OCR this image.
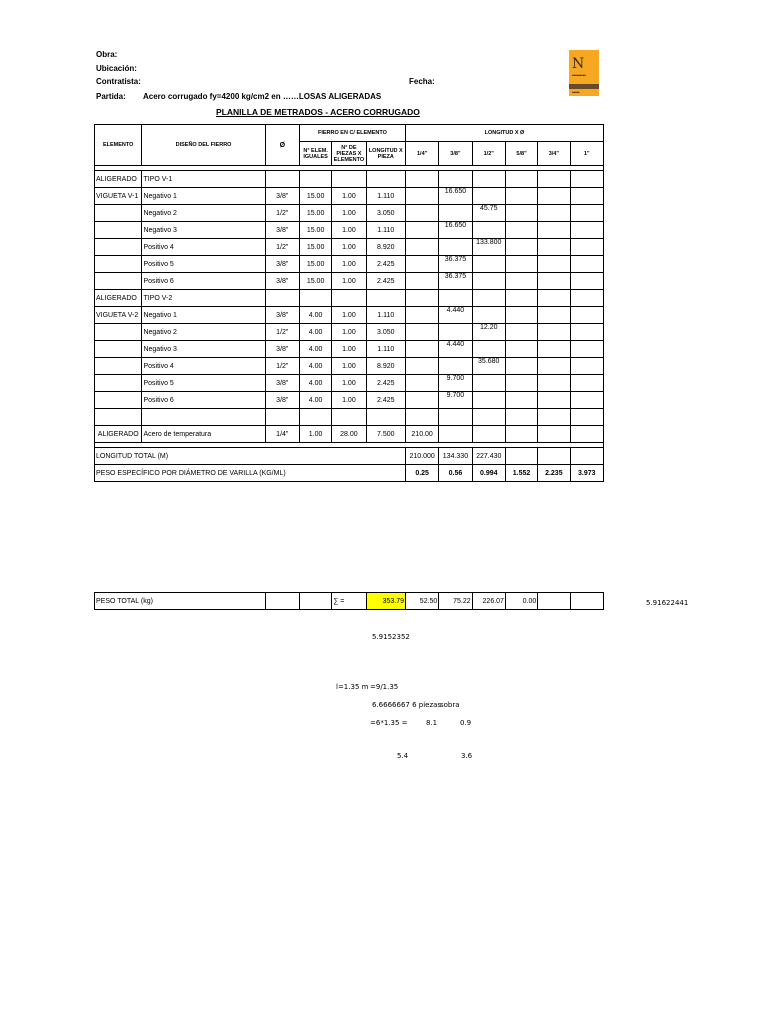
Obra:
Ubicación:
Contratista:	Fecha:
Partida: Acero corrugado fy=4200 kg/cm2 en ……LOSAS ALIGERADAS
PLANILLA DE METRADOS - ACERO CORRUGADO
N
■■■■■■■■■
■■■■■
ELEMENTO	DISEÑO DEL FIERRO	Ø	FIERRO EN C/ ELEMENTO			LONGITUD X Ø					
			N° ELEM. IGUALES	N° DE PIEZAS X ELEMENTO	LONGITUD X PIEZA	1/4"	3/8"	1/2"	5/8"	3/4"	1"

ALIGERADO	TIPO V-1										
VIGUETA V-1	Negativo 1	3/8"	15.00	1.00	1.110		16.650				
	Negativo 2	1/2"	15.00	1.00	3.050			45.75			
	Negativo 3	3/8"	15.00	1.00	1.110		16.650				
	Positivo 4	1/2"	15.00	1.00	8.920			133.800			
	Positivo 5	3/8"	15.00	1.00	2.425		36.375				
	Positivo 6	3/8"	15.00	1.00	2.425		36.375				
ALIGERADO	TIPO V-2										
VIGUETA V-2	Negativo 1	3/8"	4.00	1.00	1.110		4.440				
	Negativo 2	1/2"	4.00	1.00	3.050			12.20			
	Negativo 3	3/8"	4.00	1.00	1.110		4.440				
	Positivo 4	1/2"	4.00	1.00	8.920			35.680			
	Positivo 5	3/8"	4.00	1.00	2.425		9.700				
	Positivo 6	3/8"	4.00	1.00	2.425		9.700				

ALIGERADO	Acero de temperatura	1/4"	1.00	28.00	7.500	210.00					

LONGITUD TOTAL (M)						210.000	134.330	227.430			
PESO ESPECÍFICO POR DIÁMETRO DE VARILLA (KG/ML)						0.25	0.56	0.994	1.552	2.235	3.973
PESO TOTAL (kg)			∑ =	353.79	52.50	75.22	226.07	0.00			5.91622441
5.9152352
l=1.35 m =9/1.35
6.6666667 6 piezas
sobra
=6*1.35 =	8.1	0.9
5.4	3.6
